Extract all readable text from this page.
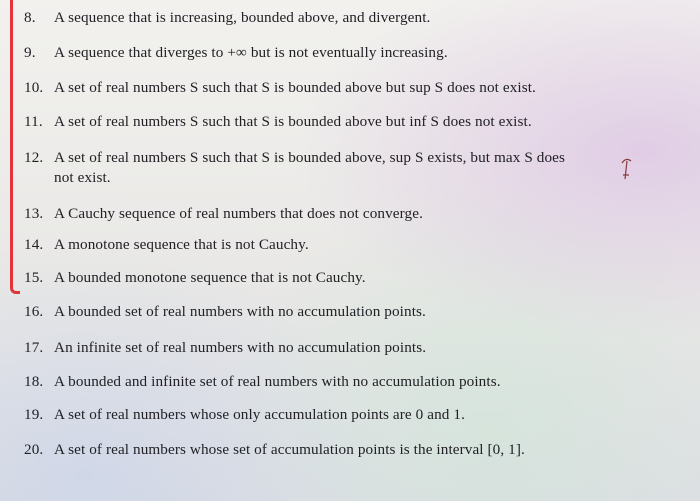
8. A sequence that is increasing, bounded above, and divergent.
9. A sequence that diverges to +∞ but is not eventually increasing.
10. A set of real numbers S such that S is bounded above but sup S does not exist.
11. A set of real numbers S such that S is bounded above but inf S does not exist.
12. A set of real numbers S such that S is bounded above, sup S exists, but max S does
not exist.
13. A Cauchy sequence of real numbers that does not converge.
14. A monotone sequence that is not Cauchy.
15. A bounded monotone sequence that is not Cauchy.
16. A bounded set of real numbers with no accumulation points.
17. An infinite set of real numbers with no accumulation points.
18. A bounded and infinite set of real numbers with no accumulation points.
19. A set of real numbers whose only accumulation points are 0 and 1.
20. A set of real numbers whose set of accumulation points is the interval [0, 1].
